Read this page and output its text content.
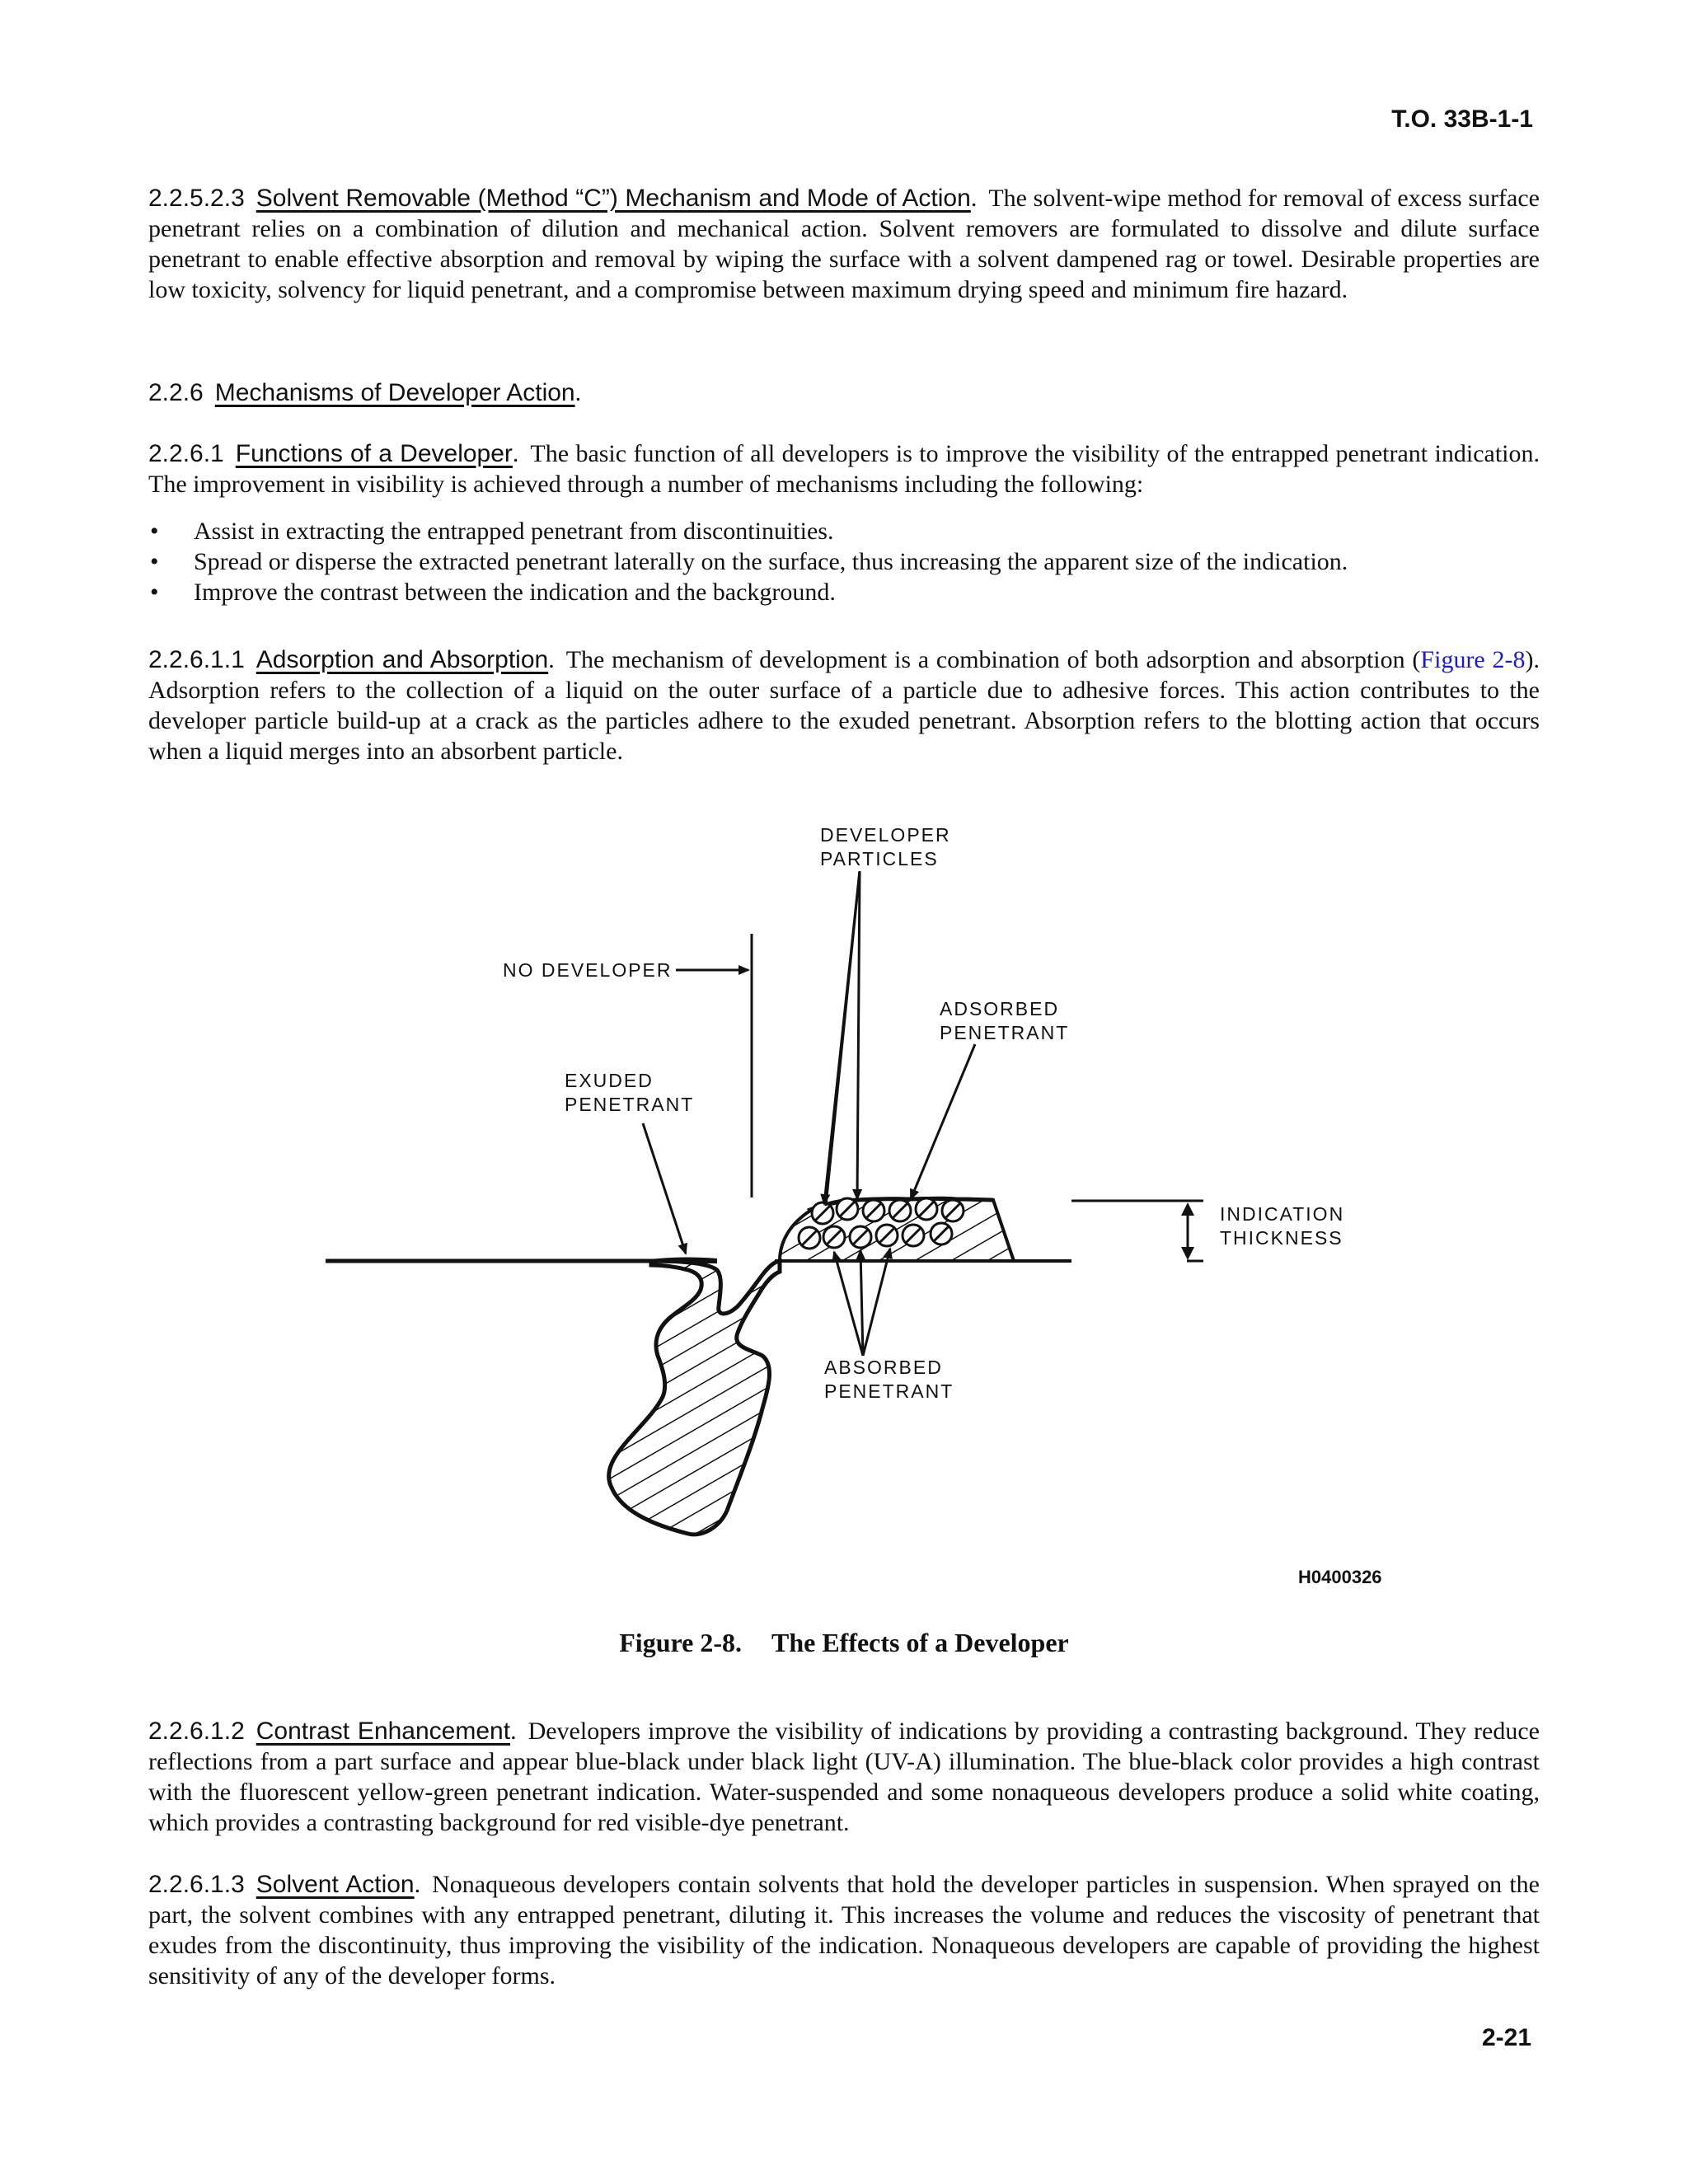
T.O. 33B-1-1

2.2.5.2.3 Solvent Removable (Method “C”) Mechanism and Mode of Action. The solvent-wipe method for removal of excess surface penetrant relies on a combination of dilution and mechanical action. Solvent removers are formulated to dissolve and dilute surface penetrant to enable effective absorption and removal by wiping the surface with a solvent dampened rag or towel. Desirable properties are low toxicity, solvency for liquid penetrant, and a compromise between maximum drying speed and minimum fire hazard.

2.2.6 Mechanisms of Developer Action.

2.2.6.1 Functions of a Developer. The basic function of all developers is to improve the visibility of the entrapped penetrant indication. The improvement in visibility is achieved through a number of mechanisms including the following:

• Assist in extracting the entrapped penetrant from discontinuities.
• Spread or disperse the extracted penetrant laterally on the surface, thus increasing the apparent size of the indication.
• Improve the contrast between the indication and the background.

2.2.6.1.1 Adsorption and Absorption. The mechanism of development is a combination of both adsorption and absorption (Figure 2-8). Adsorption refers to the collection of a liquid on the outer surface of a particle due to adhesive forces. This action contributes to the developer particle build-up at a crack as the particles adhere to the exuded penetrant. Absorption refers to the blotting action that occurs when a liquid merges into an absorbent particle.

DEVELOPER
PARTICLES
NO DEVELOPER
ADSORBED
PENETRANT
EXUDED
PENETRANT
INDICATION
THICKNESS
ABSORBED
PENETRANT
H0400326
Figure 2-8. The Effects of a Developer

2.2.6.1.2 Contrast Enhancement. Developers improve the visibility of indications by providing a contrasting background. They reduce reflections from a part surface and appear blue-black under black light (UV-A) illumination. The blue-black color provides a high contrast with the fluorescent yellow-green penetrant indication. Water-suspended and some nonaqueous developers produce a solid white coating, which provides a contrasting background for red visible-dye penetrant.

2.2.6.1.3 Solvent Action. Nonaqueous developers contain solvents that hold the developer particles in suspension. When sprayed on the part, the solvent combines with any entrapped penetrant, diluting it. This increases the volume and reduces the viscosity of penetrant that exudes from the discontinuity, thus improving the visibility of the indication. Nonaqueous developers are capable of providing the highest sensitivity of any of the developer forms.

2-21
